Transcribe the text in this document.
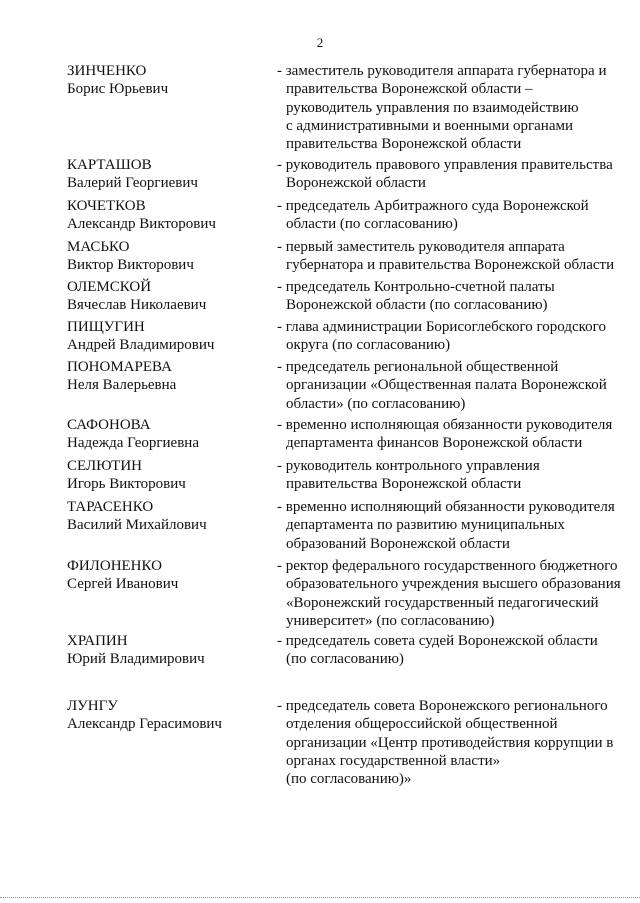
2
ЗИНЧЕНКО
Борис Юрьевич
- заместитель руководителя аппарата губернатора и
правительства Воронежской области –
руководитель управления по взаимодействию
с административными и военными органами
правительства Воронежской области
КАРТАШОВ
Валерий Георгиевич
- руководитель правового управления правительства
Воронежской области
КОЧЕТКОВ
Александр Викторович
- председатель Арбитражного суда Воронежской
области (по согласованию)
МАСЬКО
Виктор Викторович
- первый заместитель руководителя аппарата
губернатора и правительства Воронежской области
ОЛЕМСКОЙ
Вячеслав Николаевич
- председатель Контрольно-счетной палаты
Воронежской области (по согласованию)
ПИЩУГИН
Андрей Владимирович
- глава администрации Борисоглебского городского
округа (по согласованию)
ПОНОМАРЕВА
Неля Валерьевна
- председатель региональной общественной
организации «Общественная палата Воронежской
области» (по согласованию)
САФОНОВА
Надежда Георгиевна
- временно исполняющая обязанности руководителя
департамента финансов Воронежской области
СЕЛЮТИН
Игорь Викторович
- руководитель контрольного управления
правительства Воронежской области
ТАРАСЕНКО
Василий Михайлович
- временно исполняющий обязанности руководителя
департамента по развитию муниципальных
образований Воронежской области
ФИЛОНЕНКО
Сергей Иванович
- ректор федерального государственного бюджетного
образовательного учреждения высшего образования
«Воронежский государственный педагогический
университет» (по согласованию)
ХРАПИН
Юрий Владимирович
- председатель совета судей Воронежской области
(по согласованию)
ЛУНГУ
Александр Герасимович
- председатель совета Воронежского регионального
отделения общероссийской общественной
организации «Центр противодействия коррупции в
органах государственной власти»
(по согласованию)»
